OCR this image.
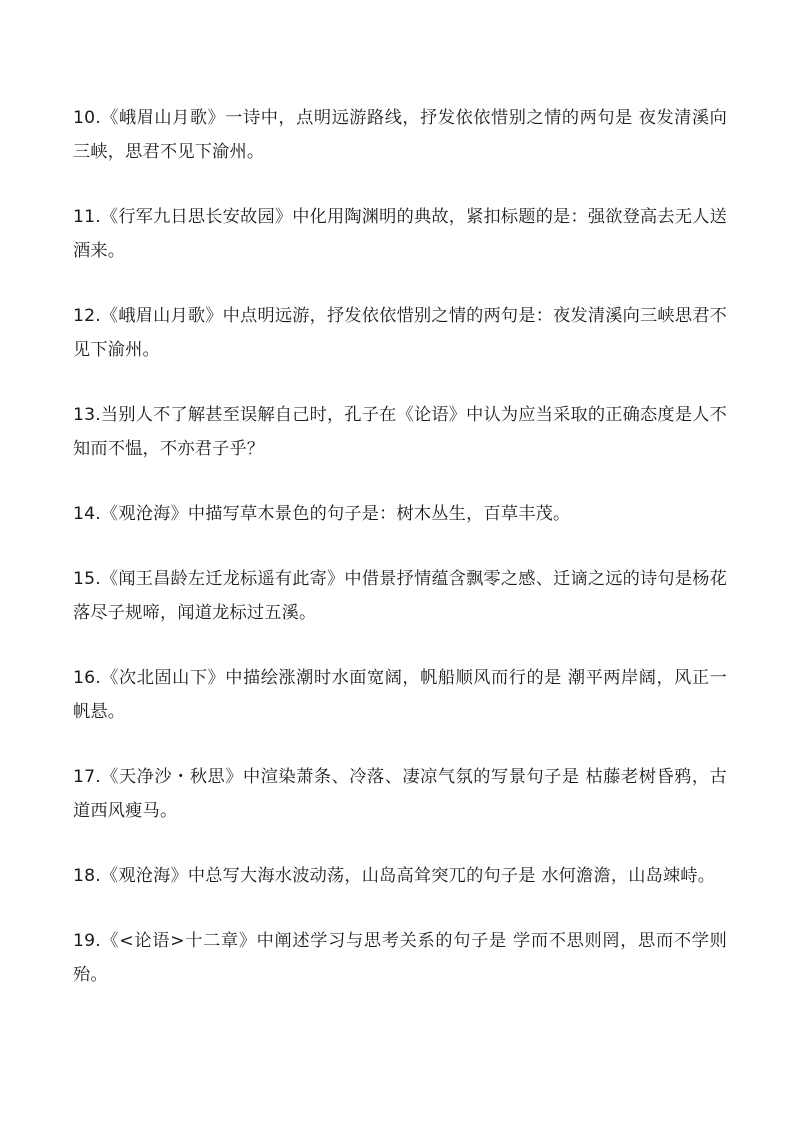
10.《峨眉山月歌》一诗中，点明远游路线，抒发依依惜别之情的两句是 夜发清溪向三峡，思君不见下渝州。

11.《行军九日思长安故园》中化用陶渊明的典故，紧扣标题的是：强欲登高去无人送酒来。

12.《峨眉山月歌》中点明远游，抒发依依惜别之情的两句是：夜发清溪向三峡思君不见下渝州。

13.当别人不了解甚至误解自己时，孔子在《论语》中认为应当采取的正确态度是人不知而不愠，不亦君子乎？

14.《观沧海》中描写草木景色的句子是：树木丛生，百草丰茂。

15.《闻王昌龄左迁龙标遥有此寄》中借景抒情蕴含飘零之感、迁谪之远的诗句是杨花落尽子规啼，闻道龙标过五溪。

16.《次北固山下》中描绘涨潮时水面宽阔，帆船顺风而行的是 潮平两岸阔，风正一帆悬。

17.《天净沙・秋思》中渲染萧条、冷落、凄凉气氛的写景句子是 枯藤老树昏鸦，古道西风瘦马。

18.《观沧海》中总写大海水波动荡，山岛高耸突兀的句子是 水何澹澹，山岛竦峙。

19.《<论语>十二章》中阐述学习与思考关系的句子是 学而不思则罔，思而不学则殆。
